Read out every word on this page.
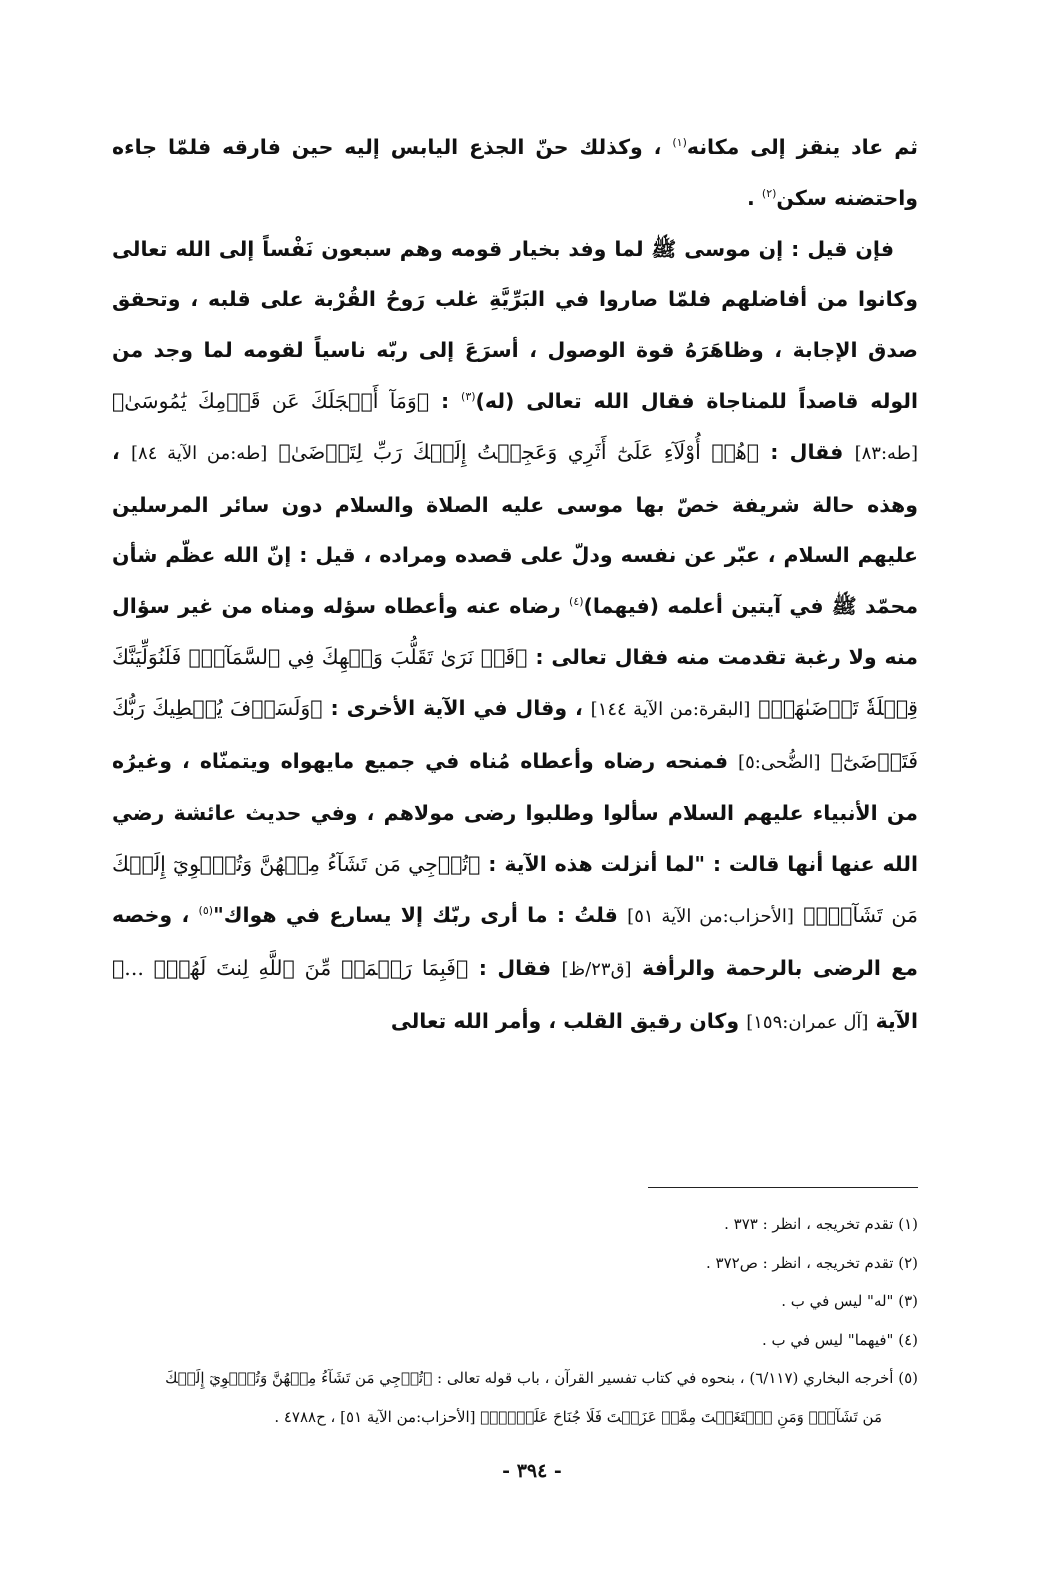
ثم عاد ينقز إلى مكانه$^{(١)}$ ، وكذلك حنّ الجذع اليابس إليه حين فارقه فلمّا جاءه واحتضنه سكن$^{(٢)}$ .

فإن قيل : إن موسى ﷺ لما وفد بخيار قومه وهم سبعون نَفْساً إلى الله تعالى وكانوا من أفاضلهم فلمّا صاروا في البَرِّيَّةِ غلب رَوحُ القُرْبة على قلبه ، وتحقق صدق الإجابة ، وظاهَرَهُ قوة الوصول ، أسرَعَ إلى ربّه ناسياً لقومه لما وجد من الوله قاصداً للمناجاة فقال الله تعالى (له)$^{(٣)}$ : ﴿وَمَآ أَعۡجَلَكَ عَن قَوۡمِكَ يَٰمُوسَىٰ﴾ [طه:٨٣] فقال : ﴿هُمۡ أُوْلَآءِ عَلَىٰٓ أَثَرِي وَعَجِلۡتُ إِلَيۡكَ رَبِّ لِتَرۡضَىٰ﴾ [طه:من الآية ٨٤] ، وهذه حالة شريفة خصّ بها موسى عليه الصلاة والسلام دون سائر المرسلين عليهم السلام ، عبّر عن نفسه ودلّ على قصده ومراده ، قيل : إنّ الله عظّم شأن محمّد ﷺ في آيتين أعلمه (فيهما)$^{(٤)}$ رضاه عنه وأعطاه سؤله ومناه من غير سؤال منه ولا رغبة تقدمت منه فقال تعالى : ﴿قَدۡ نَرَىٰ تَقَلُّبَ وَجۡهِكَ فِي ٱلسَّمَآءِۖ فَلَنُوَلِّيَنَّكَ قِبۡلَةٗ تَرۡضَىٰهَاۚ﴾ [البقرة:من الآية ١٤٤] ، وقال في الآية الأخرى : ﴿وَلَسَوۡفَ يُعۡطِيكَ رَبُّكَ فَتَرۡضَىٰٓ﴾ [الضُّحى:٥] فمنحه رضاه وأعطاه مُناه في جميع مايهواه ويتمنّاه ، وغيرُه من الأنبياء عليهم السلام سألوا وطلبوا رضى مولاهم ، وفي حديث عائشة رضي الله عنها أنها قالت : "لما أنزلت هذه الآية : ﴿تُرۡجِي مَن تَشَآءُ مِنۡهُنَّ وَتُـٔۡوِيٓ إِلَيۡكَ مَن تَشَآءُۖ﴾ [الأحزاب:من الآية ٥١] قلتُ : ما أرى ربّك إلا يسارع في هواك"$^{(٥)}$ ، وخصه مع الرضى بالرحمة والرأفة [ق٢٣/ظ] فقال : ﴿فَبِمَا رَحۡمَةٖ مِّنَ ٱللَّهِ لِنتَ لَهُمۡۖ ...﴾ الآية [آل عمران:١٥٩] وكان رقيق القلب ، وأمر الله تعالى

(١) تقدم تخريجه ، انظر : ٣٧٣ .

(٢) تقدم تخريجه ، انظر : ص٣٧٢ .

(٣) "له" ليس في ب .

(٤) "فيهما" ليس في ب .

(٥) أخرجه البخاري (٦/١١٧) ، بنحوه في كتاب تفسير القرآن ، باب قوله تعالى : ﴿تُرۡجِي مَن تَشَآءُ مِنۡهُنَّ وَتُـٔۡوِيٓ إِلَيۡكَ

مَن تَشَآءُۖ وَمَنِ ٱبۡتَغَيۡتَ مِمَّنۡ عَزَلۡتَ فَلَا جُنَاحَ عَلَيۡكَۚ﴾ [الأحزاب:من الآية ٥١] ، ح٤٧٨٨ .

- ٣٩٤ -
